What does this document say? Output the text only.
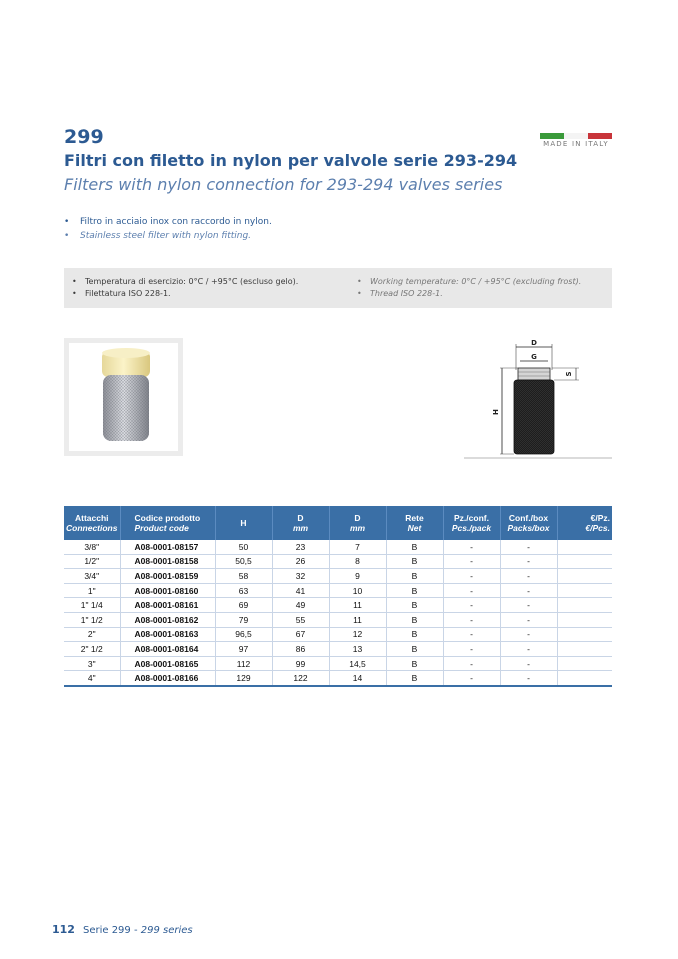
299
Filtri con filetto in nylon per valvole serie 293-294
Filters with nylon connection for 293-294 valves series
MADE IN ITALY
•	Filtro in acciaio inox con raccordo in nylon.
•	Stainless steel filter with nylon fitting.
•	Temperatura di esercizio: 0°C / +95°C (escluso gelo).
•	Filettatura ISO 228-1.
•	Working temperature: 0°C / +95°C (excluding frost).
•	Thread ISO 228-1.
D
G
S
H
Attacchi
Connections	Codice prodotto
Product code	H	D
mm	D
mm	Rete
Net	Pz./conf.
Pcs./pack	Conf./box
Packs/box	€/Pz.
€/Pcs.

3/8"	A08-0001-08157	50	23	7	B	-	-	
1/2"	A08-0001-08158	50,5	26	8	B	-	-	
3/4"	A08-0001-08159	58	32	9	B	-	-	
1"	A08-0001-08160	63	41	10	B	-	-	
1" 1/4	A08-0001-08161	69	49	11	B	-	-	
1" 1/2	A08-0001-08162	79	55	11	B	-	-	
2"	A08-0001-08163	96,5	67	12	B	-	-	
2" 1/2	A08-0001-08164	97	86	13	B	-	-	
3"	A08-0001-08165	112	99	14,5	B	-	-	
4"	A08-0001-08166	129	122	14	B	-	-	
112 Serie 299 - 299 series
